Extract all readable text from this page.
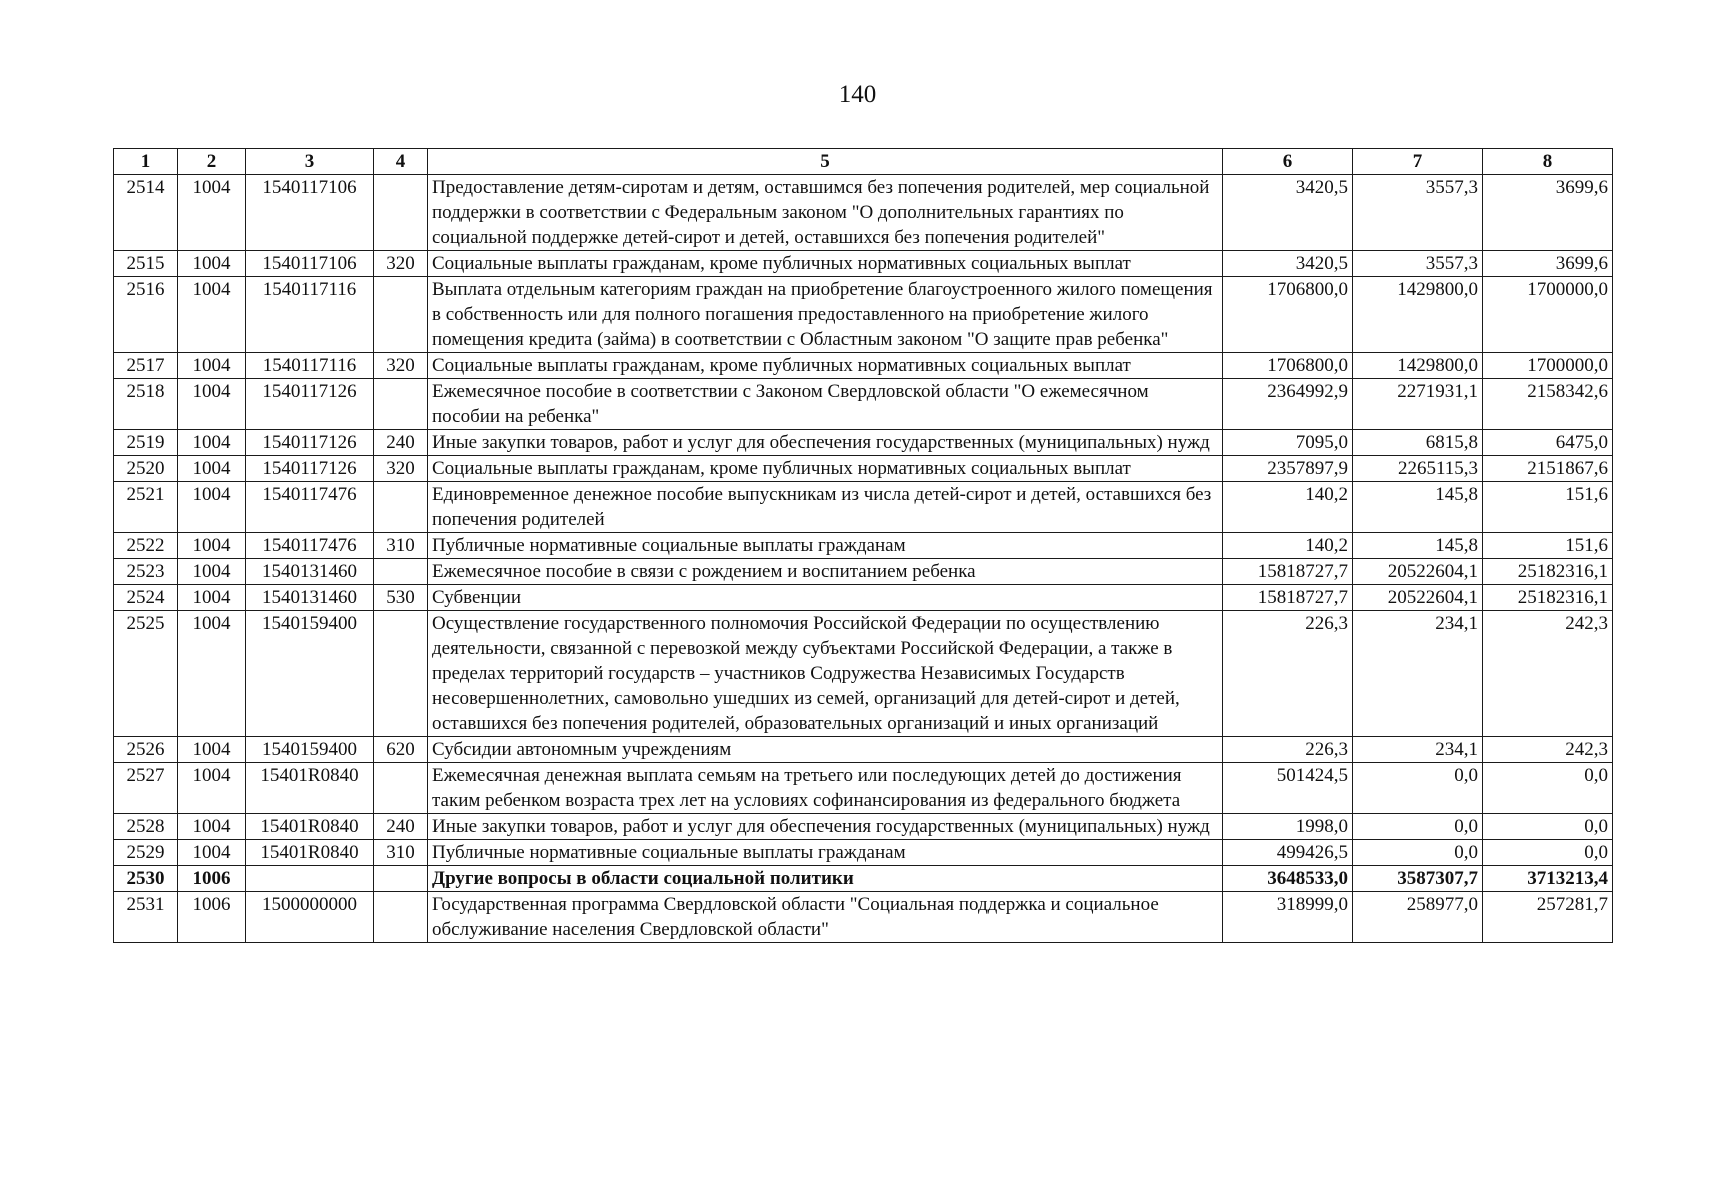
140
1	2	3	4	5	6	7	8
2514	1004	1540117106		Предоставление детям-сиротам и детям, оставшимся без попечения родителей, мер социальной поддержки в соответствии с Федеральным законом "О дополнительных гарантиях по социальной поддержке детей-сирот и детей, оставшихся без попечения родителей"	3420,5	3557,3	3699,6
2515	1004	1540117106	320	Социальные выплаты гражданам, кроме публичных нормативных социальных выплат	3420,5	3557,3	3699,6
2516	1004	1540117116		Выплата отдельным категориям граждан на приобретение благоустроенного жилого помещения в собственность или для полного погашения предоставленного на приобретение жилого помещения кредита (займа) в соответствии с Областным законом "О защите прав ребенка"	1706800,0	1429800,0	1700000,0
2517	1004	1540117116	320	Социальные выплаты гражданам, кроме публичных нормативных социальных выплат	1706800,0	1429800,0	1700000,0
2518	1004	1540117126		Ежемесячное пособие в соответствии с Законом Свердловской области "О ежемесячном пособии на ребенка"	2364992,9	2271931,1	2158342,6
2519	1004	1540117126	240	Иные закупки товаров, работ и услуг для обеспечения государственных (муниципальных) нужд	7095,0	6815,8	6475,0
2520	1004	1540117126	320	Социальные выплаты гражданам, кроме публичных нормативных социальных выплат	2357897,9	2265115,3	2151867,6
2521	1004	1540117476		Единовременное денежное пособие выпускникам из числа детей-сирот и детей, оставшихся без попечения родителей	140,2	145,8	151,6
2522	1004	1540117476	310	Публичные нормативные социальные выплаты гражданам	140,2	145,8	151,6
2523	1004	1540131460		Ежемесячное пособие в связи с рождением и воспитанием ребенка	15818727,7	20522604,1	25182316,1
2524	1004	1540131460	530	Субвенции	15818727,7	20522604,1	25182316,1
2525	1004	1540159400		Осуществление государственного полномочия Российской Федерации по осуществлению деятельности, связанной с перевозкой между субъектами Российской Федерации, а также в пределах территорий государств – участников Содружества Независимых Государств несовершеннолетних, самовольно ушедших из семей, организаций для детей-сирот и детей, оставшихся без попечения родителей, образовательных организаций и иных организаций	226,3	234,1	242,3
2526	1004	1540159400	620	Субсидии автономным учреждениям	226,3	234,1	242,3
2527	1004	15401R0840		Ежемесячная денежная выплата семьям на третьего или последующих детей до достижения таким ребенком возраста трех лет на условиях софинансирования из федерального бюджета	501424,5	0,0	0,0
2528	1004	15401R0840	240	Иные закупки товаров, работ и услуг для обеспечения государственных (муниципальных) нужд	1998,0	0,0	0,0
2529	1004	15401R0840	310	Публичные нормативные социальные выплаты гражданам	499426,5	0,0	0,0
2530	1006			Другие вопросы в области социальной политики	3648533,0	3587307,7	3713213,4
2531	1006	1500000000		Государственная программа Свердловской области "Социальная поддержка и социальное обслуживание населения Свердловской области"	318999,0	258977,0	257281,7
